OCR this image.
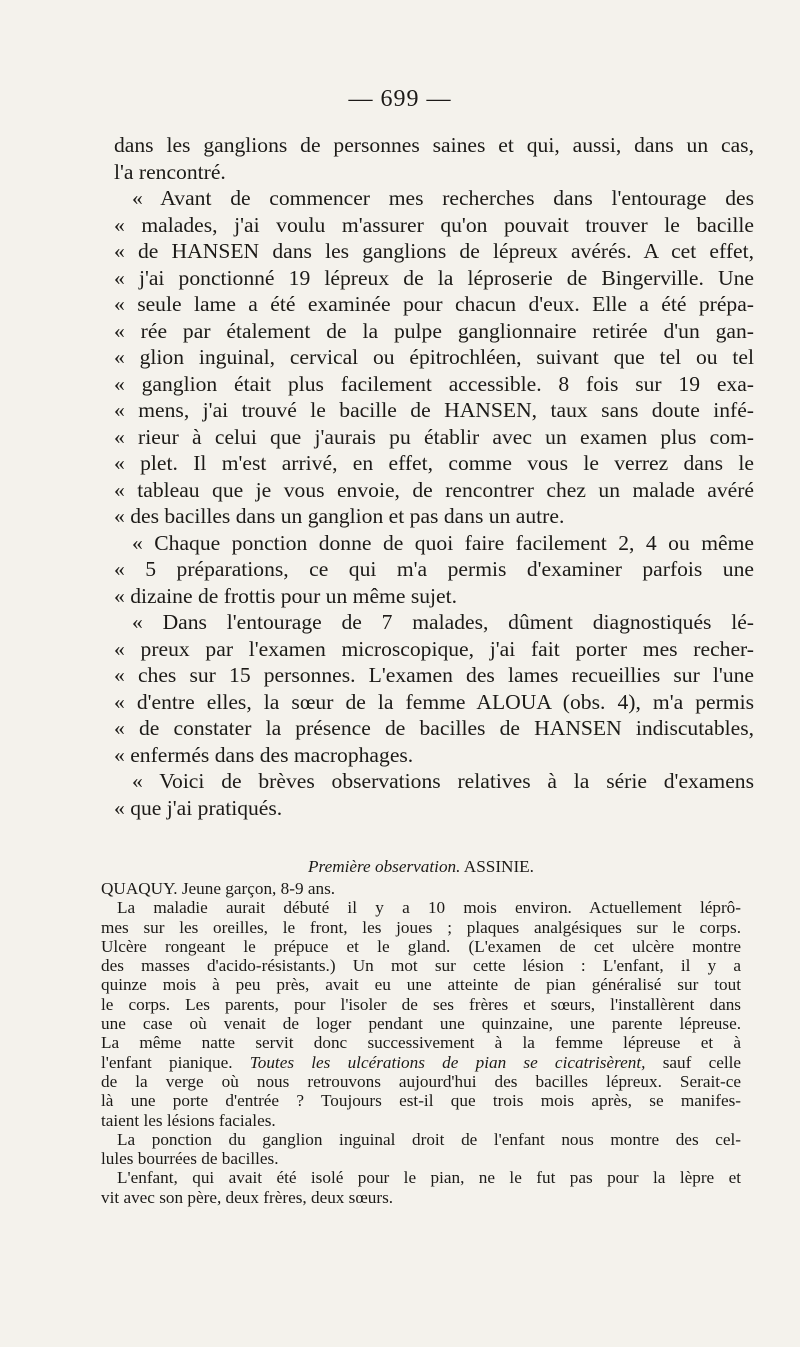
— 699 —
dans les ganglions de personnes saines et qui, aussi, dans un cas,
l'a rencontré.
« Avant de commencer mes recherches dans l'entourage des
« malades, j'ai voulu m'assurer qu'on pouvait trouver le bacille
« de HANSEN dans les ganglions de lépreux avérés. A cet effet,
« j'ai ponctionné 19 lépreux de la léproserie de Bingerville. Une
« seule lame a été examinée pour chacun d'eux. Elle a été prépa-
« rée par étalement de la pulpe ganglionnaire retirée d'un gan-
« glion inguinal, cervical ou épitrochléen, suivant que tel ou tel
« ganglion était plus facilement accessible. 8 fois sur 19 exa-
« mens, j'ai trouvé le bacille de HANSEN, taux sans doute infé-
« rieur à celui que j'aurais pu établir avec un examen plus com-
« plet. Il m'est arrivé, en effet, comme vous le verrez dans le
« tableau que je vous envoie, de rencontrer chez un malade avéré
« des bacilles dans un ganglion et pas dans un autre.
« Chaque ponction donne de quoi faire facilement 2, 4 ou même
« 5 préparations, ce qui m'a permis d'examiner parfois une
« dizaine de frottis pour un même sujet.
« Dans l'entourage de 7 malades, dûment diagnostiqués lé-
« preux par l'examen microscopique, j'ai fait porter mes recher-
« ches sur 15 personnes. L'examen des lames recueillies sur l'une
« d'entre elles, la sœur de la femme ALOUA (obs. 4), m'a permis
« de constater la présence de bacilles de HANSEN indiscutables,
« enfermés dans des macrophages.
« Voici de brèves observations relatives à la série d'examens
« que j'ai pratiqués.
Première observation. ASSINIE.
QUAQUY. Jeune garçon, 8-9 ans.
La maladie aurait débuté il y a 10 mois environ. Actuellement léprô-
mes sur les oreilles, le front, les joues ; plaques analgésiques sur le corps.
Ulcère rongeant le prépuce et le gland. (L'examen de cet ulcère montre
des masses d'acido-résistants.) Un mot sur cette lésion : L'enfant, il y a
quinze mois à peu près, avait eu une atteinte de pian généralisé sur tout
le corps. Les parents, pour l'isoler de ses frères et sœurs, l'installèrent dans
une case où venait de loger pendant une quinzaine, une parente lépreuse.
La même natte servit donc successivement à la femme lépreuse et à
l'enfant pianique. Toutes les ulcérations de pian se cicatrisèrent, sauf celle
de la verge où nous retrouvons aujourd'hui des bacilles lépreux. Serait-ce
là une porte d'entrée ? Toujours est-il que trois mois après, se manifes-
taient les lésions faciales.
La ponction du ganglion inguinal droit de l'enfant nous montre des cel-
lules bourrées de bacilles.
L'enfant, qui avait été isolé pour le pian, ne le fut pas pour la lèpre et
vit avec son père, deux frères, deux sœurs.
